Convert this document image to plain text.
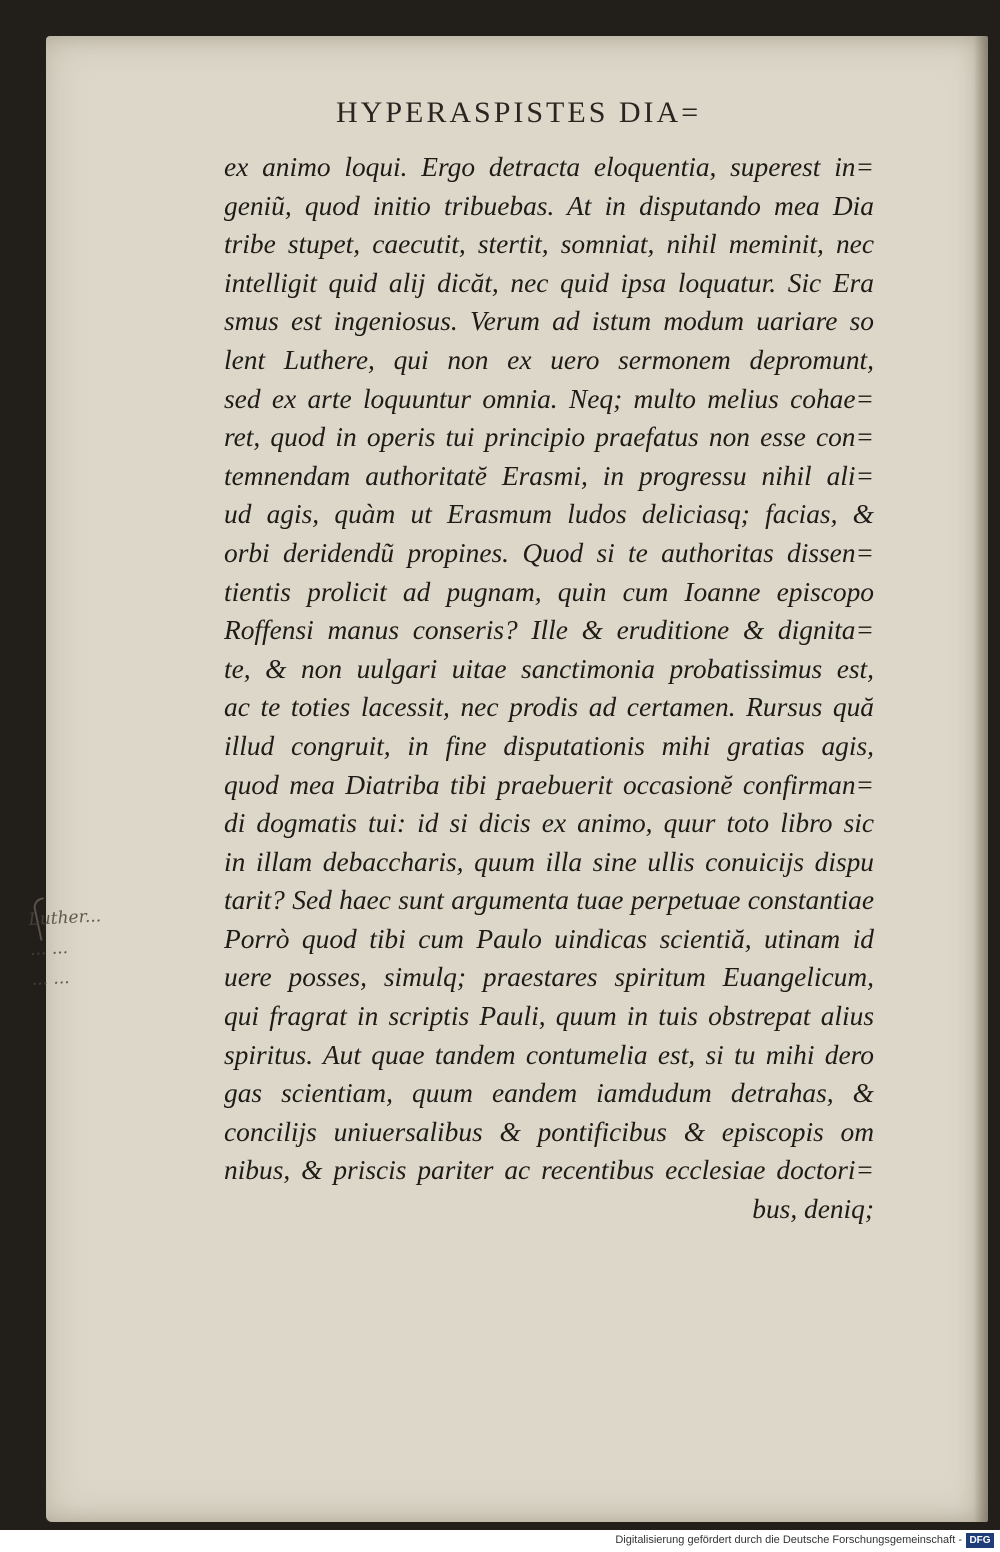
HYPERASPISTES DIA=
ex animo loqui. Ergo detracta eloquentia, superest in=
geniũ, quod initio tribuebas. At in disputando mea Dia
tribe stupet, caecutit, stertit, somniat, nihil meminit, nec
intelligit quid alij dicăt, nec quid ipsa loquatur. Sic Era
smus est ingeniosus. Verum ad istum modum uariare so
lent Luthere, qui non ex uero sermonem depromunt,
sed ex arte loquuntur omnia. Neq; multo melius cohae=
ret, quod in operis tui principio praefatus non esse con=
temnendam authoritatĕ Erasmi, in progressu nihil ali=
ud agis, quàm ut Erasmum ludos deliciasq; facias, &
orbi deridendũ propines. Quod si te authoritas dissen=
tientis prolicit ad pugnam, quin cum Ioanne episcopo
Roffensi manus conseris? Ille & eruditione & dignita=
te, & non uulgari uitae sanctimonia probatissimus est,
ac te toties lacessit, nec prodis ad certamen. Rursus quă
illud congruit, in fine disputationis mihi gratias agis,
quod mea Diatriba tibi praebuerit occasionĕ confirman=
di dogmatis tui: id si dicis ex animo, quur toto libro sic
in illam debaccharis, quum illa sine ullis conuicijs dispu
tarit? Sed haec sunt argumenta tuae perpetuae constantiae
Porrò quod tibi cum Paulo uindicas scientiă, utinam id
uere posses, simulq; praestares spiritum Euangelicum,
qui fragrat in scriptis Pauli, quum in tuis obstrepat alius
spiritus. Aut quae tandem contumelia est, si tu mihi dero
gas scientiam, quum eandem iamdudum detrahas, &
concilijs uniuersalibus & pontificibus & episcopis om
nibus, & priscis pariter ac recentibus ecclesiae doctori=
bus, deniq;
Luther...
... ...
... ...
Digitalisierung gefördert durch die Deutsche Forschungsgemeinschaft - DFG
